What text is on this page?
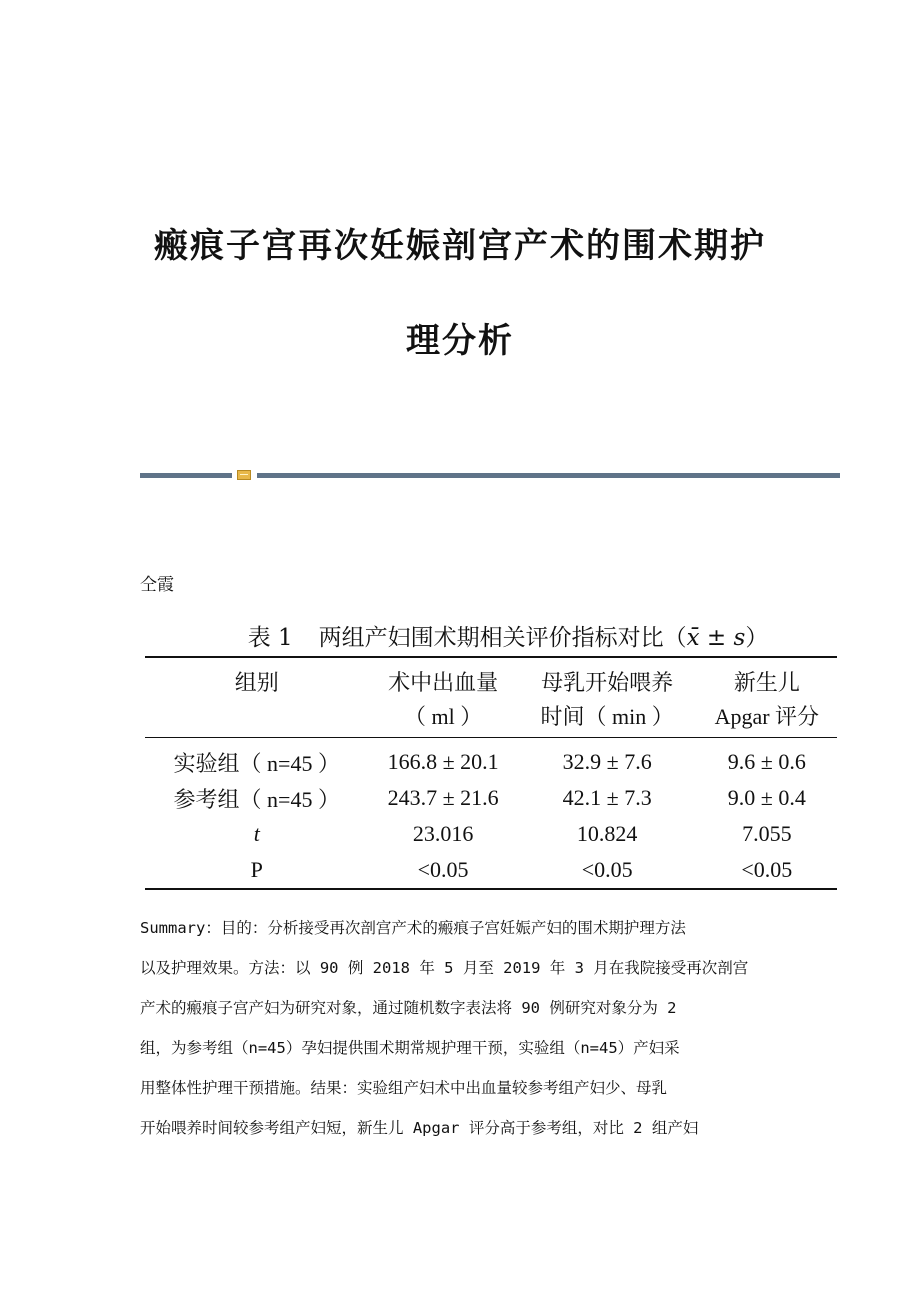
瘢痕子宫再次妊娠剖宫产术的围术期护
理分析
仝霞
表 1 两组产妇围术期相关评价指标对比（x̄ ± s）
组别	术中出血量	母乳开始喂养	新生儿
	（ ml ）	时间（ min ）	Apgar 评分
实验组（ n=45 ）	166.8 ± 20.1	32.9 ± 7.6	9.6 ± 0.6
参考组（ n=45 ）	243.7 ± 21.6	42.1 ± 7.3	9.0 ± 0.4
t	23.016	10.824	7.055
P	<0.05	<0.05	<0.05

Summary：目的：分析接受再次剖宫产术的瘢痕子宫妊娠产妇的围术期护理方法

以及护理效果。方法：以 90 例 2018 年 5 月至 2019 年 3 月在我院接受再次剖宫

产术的瘢痕子宫产妇为研究对象，通过随机数字表法将 90 例研究对象分为 2

组，为参考组（n=45）孕妇提供围术期常规护理干预，实验组（n=45）产妇采

用整体性护理干预措施。结果：实验组产妇术中出血量较参考组产妇少、母乳

开始喂养时间较参考组产妇短，新生儿 Apgar 评分高于参考组，对比 2 组产妇
